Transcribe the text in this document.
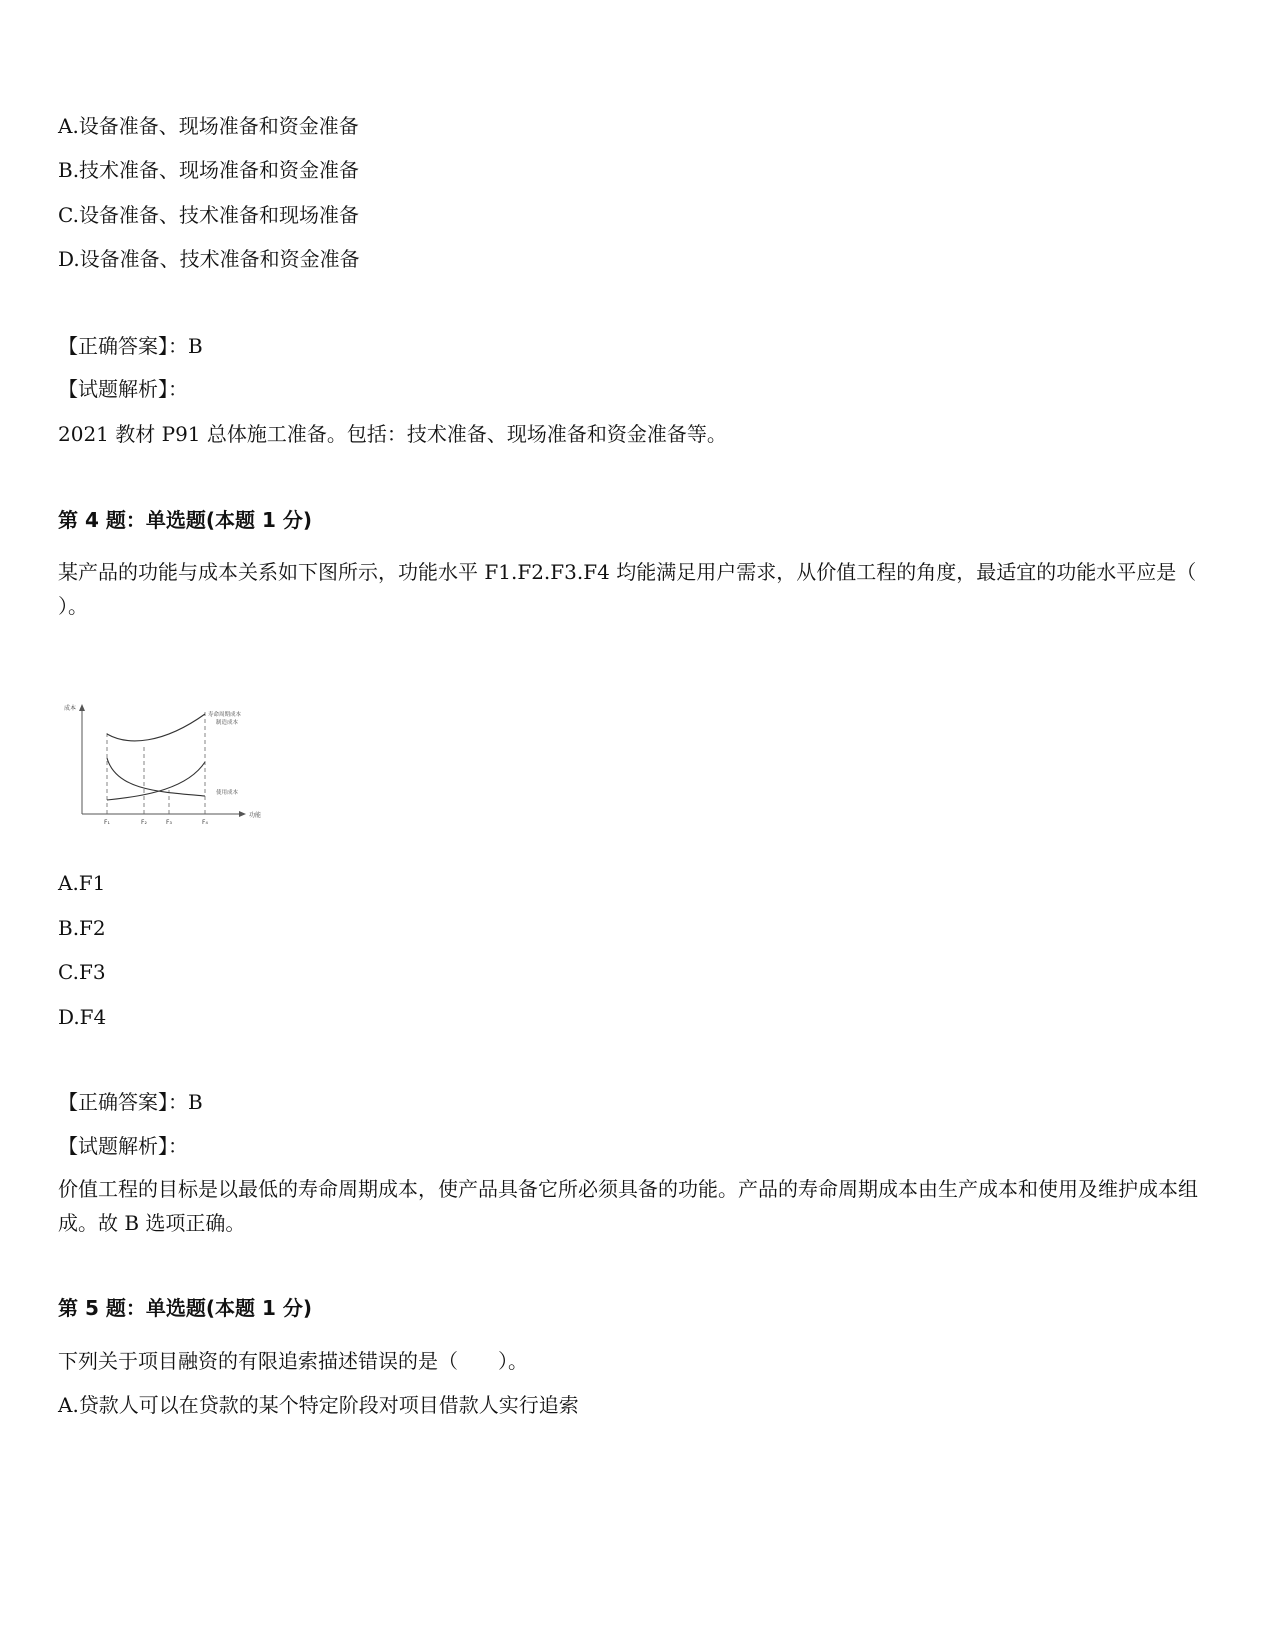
A.设备准备、现场准备和资金准备
B.技术准备、现场准备和资金准备
C.设备准备、技术准备和现场准备
D.设备准备、技术准备和资金准备
【正确答案】：B
【试题解析】：
2021 教材 P91 总体施工准备。包括：技术准备、现场准备和资金准备等。
第 4 题：单选题(本题 1 分)
某产品的功能与成本关系如下图所示，功能水平 F1.F2.F3.F4 均能满足用户需求，从价值工程的角度，最适宜的功能水平应是（ ）。
成本
功能
寿命周期成本
制造成本
使用成本
F₁	F₂	F₃	F₄
A.F1
B.F2
C.F3
D.F4
【正确答案】：B
【试题解析】：
价值工程的目标是以最低的寿命周期成本，使产品具备它所必须具备的功能。产品的寿命周期成本由生产成本和使用及维护成本组成。故 B 选项正确。
第 5 题：单选题(本题 1 分)
下列关于项目融资的有限追索描述错误的是（　　）。
A.贷款人可以在贷款的某个特定阶段对项目借款人实行追索
